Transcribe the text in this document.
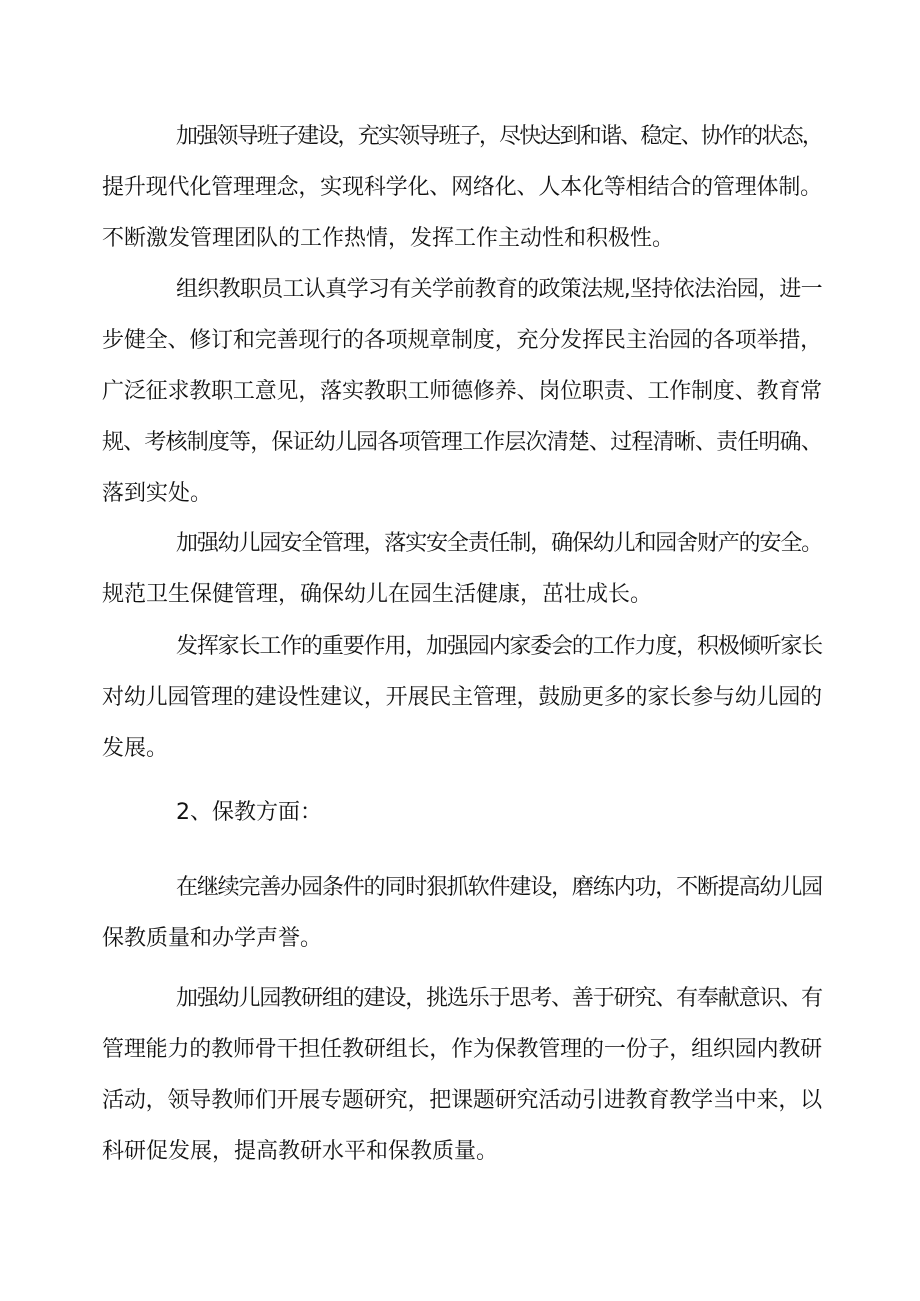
加强领导班子建设，充实领导班子，尽快达到和谐、稳定、协作的状态，
提升现代化管理理念，实现科学化、网络化、人本化等相结合的管理体制。
不断激发管理团队的工作热情，发挥工作主动性和积极性。
组织教职员工认真学习有关学前教育的政策法规,坚持依法治园，进一
步健全、修订和完善现行的各项规章制度，充分发挥民主治园的各项举措，
广泛征求教职工意见，落实教职工师德修养、岗位职责、工作制度、教育常
规、考核制度等，保证幼儿园各项管理工作层次清楚、过程清晰、责任明确、
落到实处。
加强幼儿园安全管理，落实安全责任制，确保幼儿和园舍财产的安全。
规范卫生保健管理，确保幼儿在园生活健康，茁壮成长。
发挥家长工作的重要作用，加强园内家委会的工作力度，积极倾听家长
对幼儿园管理的建设性建议，开展民主管理，鼓励更多的家长参与幼儿园的
发展。
2、保教方面：
在继续完善办园条件的同时狠抓软件建设，磨练内功，不断提高幼儿园
保教质量和办学声誉。
加强幼儿园教研组的建设，挑选乐于思考、善于研究、有奉献意识、有
管理能力的教师骨干担任教研组长，作为保教管理的一份子，组织园内教研
活动，领导教师们开展专题研究，把课题研究活动引进教育教学当中来，以
科研促发展，提高教研水平和保教质量。
